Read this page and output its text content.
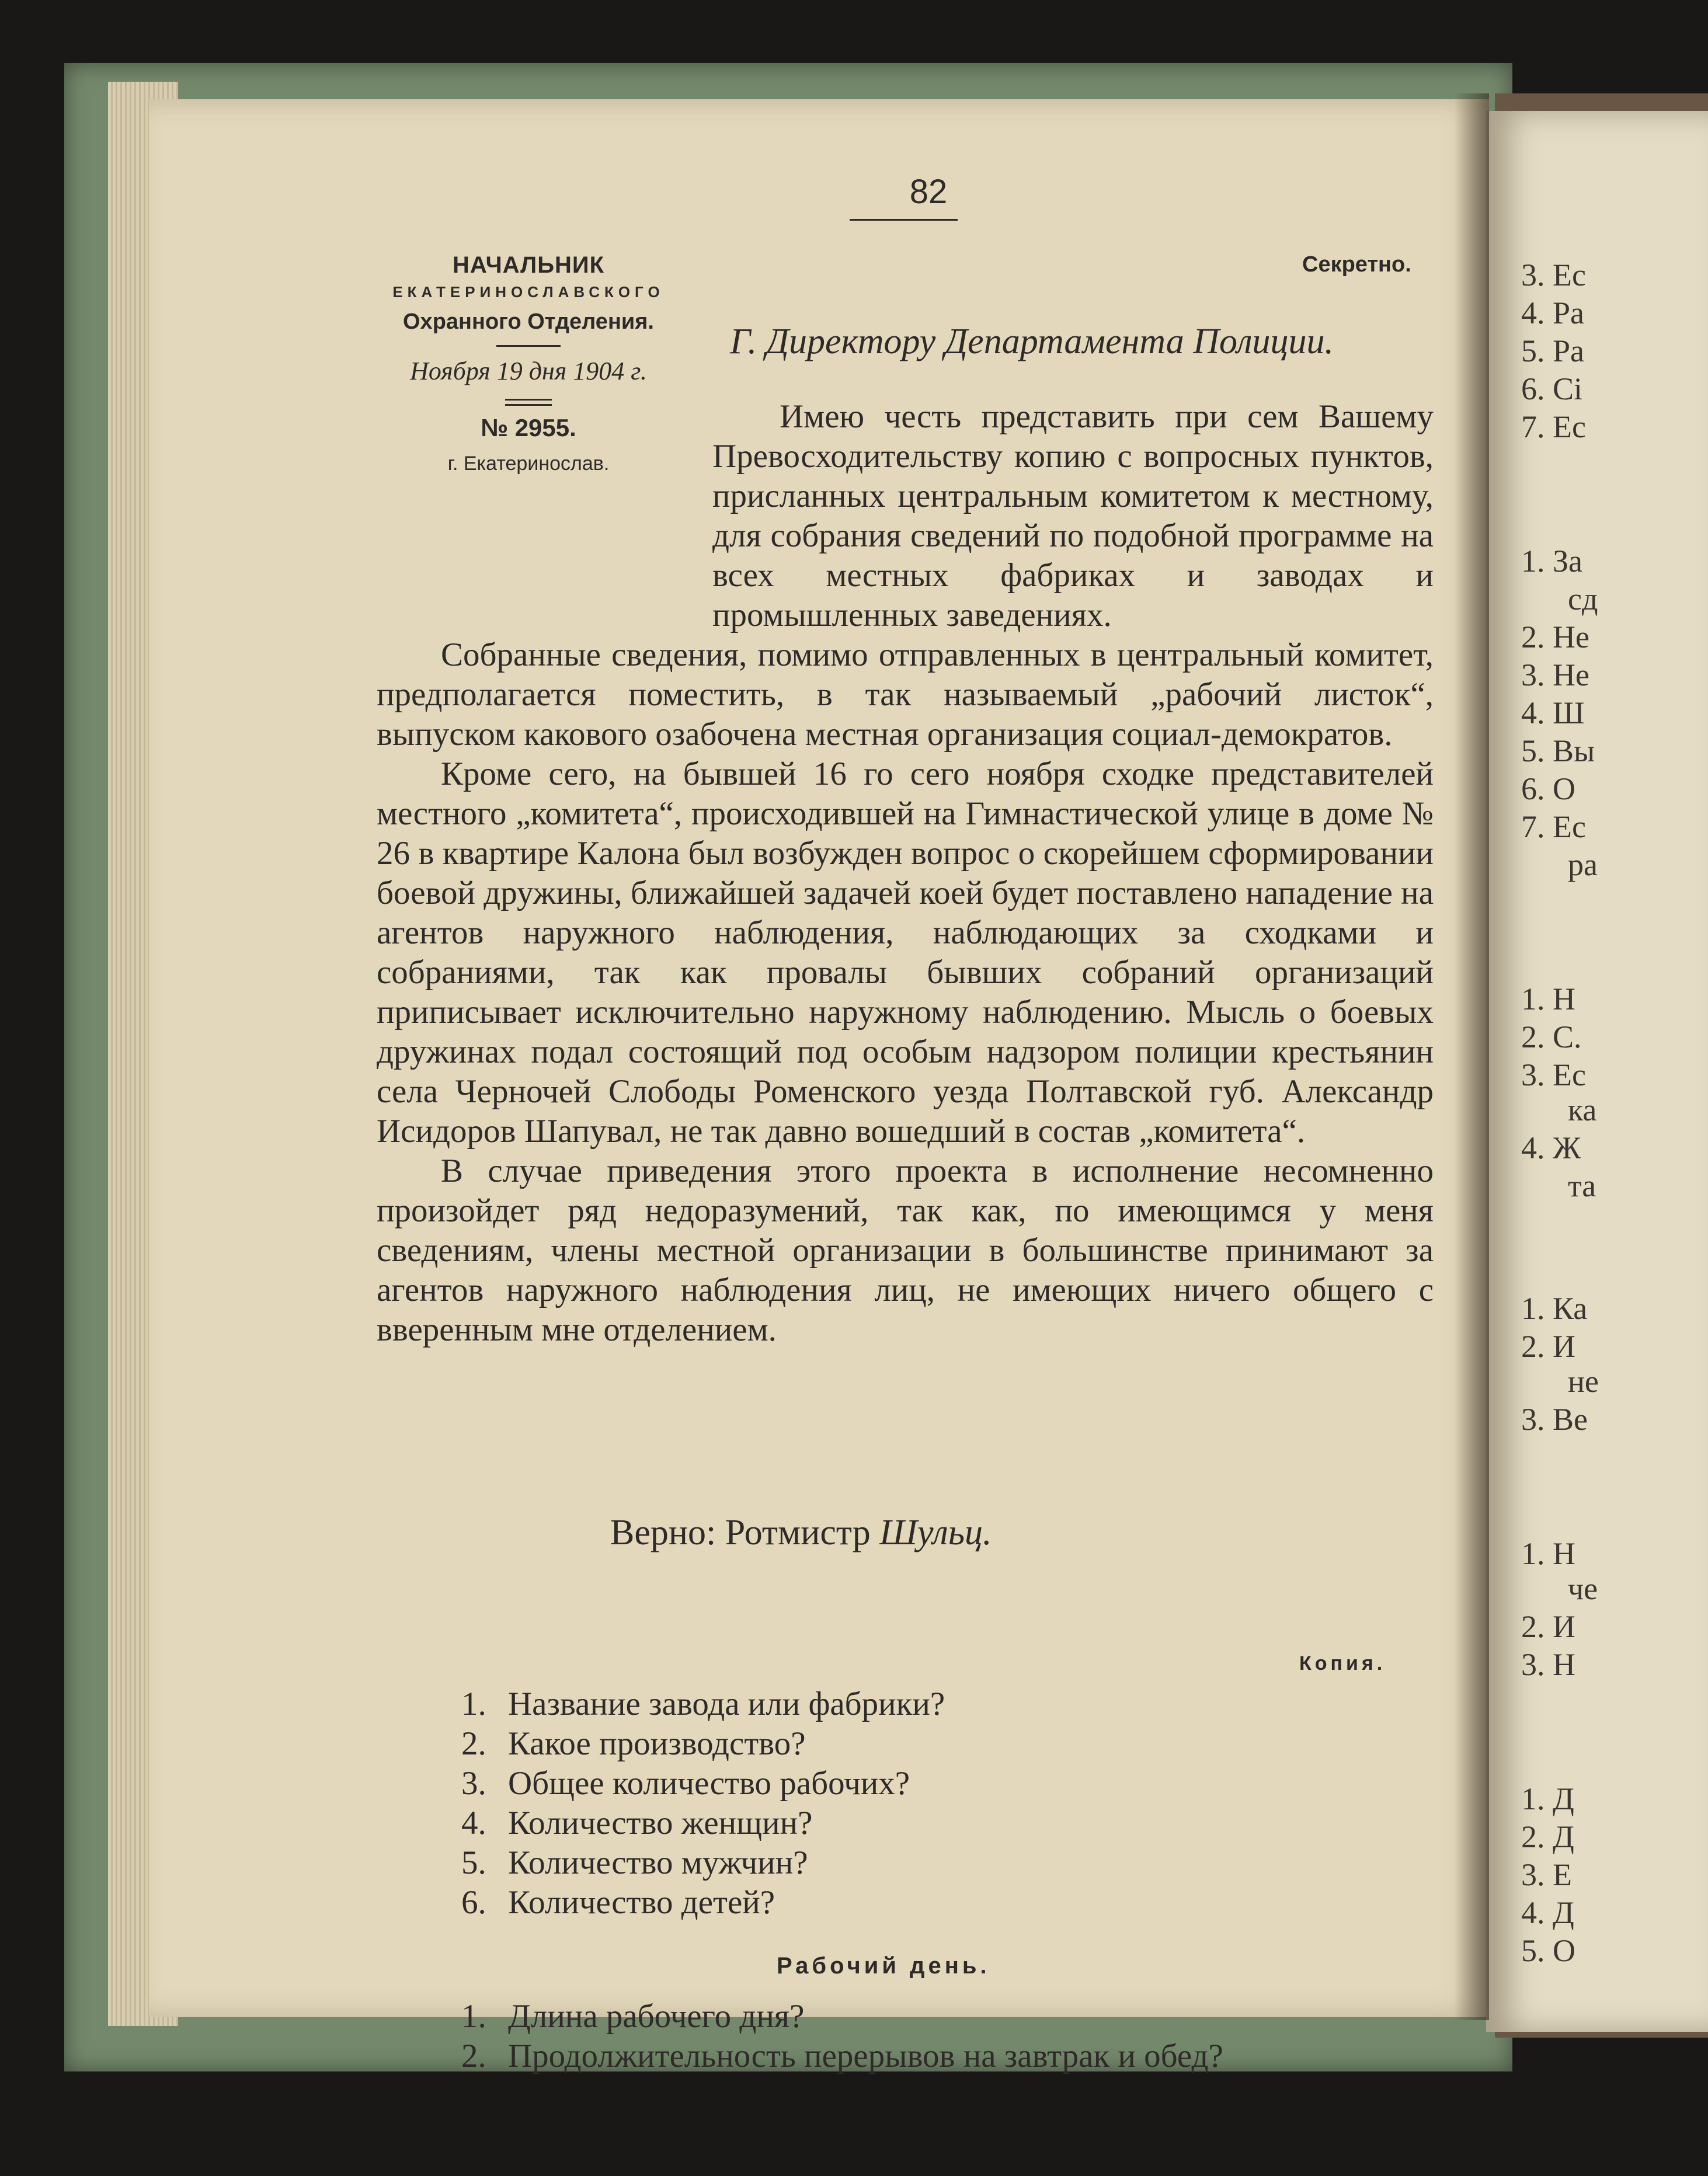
3. Ес
4. Ра
5. Ра
6. Сі
7. Ес
1. За
сд
2. Не
3. Не
4. Ш
5. Вы
6. О
7. Ес
ра
1. Н
2. С.
3. Ес
ка
4. Ж
та
1. Ка
2. И
не
3. Ве
1. Н
че
2. И
3. Н
1. Д
2. Д
3. Е
4. Д
5. О
82
НАЧАЛЬНИК
ЕКАТЕРИНОСЛАВСКОГО
Охранного Отделения.
Ноября 19 дня 1904 г.
№ 2955.
г. Екатеринослав.
Секретно.
Г. Директору Департамента Полиции.

Имею честь представить при сем Вашему Превосходительству копию с вопросных пунктов, присланных центральным комитетом к местному, для собрания сведений по подобной программе на всех местных фабриках и заводах и промышленных заведениях.

Собранные сведения, помимо отправленных в центральный комитет, предполагается поместить, в так называемый „рабочий листок“, выпуском какового озабочена местная организация социал-демократов.

Кроме сего, на бывшей 16 го сего ноября сходке представителей местного „комитета“, происходившей на Гимнастической улице в доме № 26 в квартире Калона был возбужден вопрос о скорейшем сформировании боевой дружины, ближайшей задачей коей будет поставлено нападение на агентов наружного наблюдения, наблюдающих за сходками и собраниями, так как провалы бывших собраний организаций приписывает исключительно наружному наблюдению. Мысль о боевых дружинах подал состоящий под особым надзором полиции крестьянин села Черночей Слободы Роменского уезда Полтавской губ. Александр Исидоров Шапувал, не так давно вошедший в состав „комитета“.

В случае приведения этого проекта в исполнение несомненно произойдет ряд недоразумений, так как, по имеющимся у меня сведениям, члены местной организации в большинстве принимают за агентов наружного наблюдения лиц, не имеющих ничего общего с вверенным мне отделением.

Верно: Ротмистр Шульц.
Копия.
1. Название завода или фабрики?
2. Какое производство?
3. Общее количество рабочих?
4. Количество женщин?
5. Количество мужчин?
6. Количество детей?
Рабочий день.
1. Длина рабочего дня?
2. Продолжительность перерывов на завтрак и обед?
